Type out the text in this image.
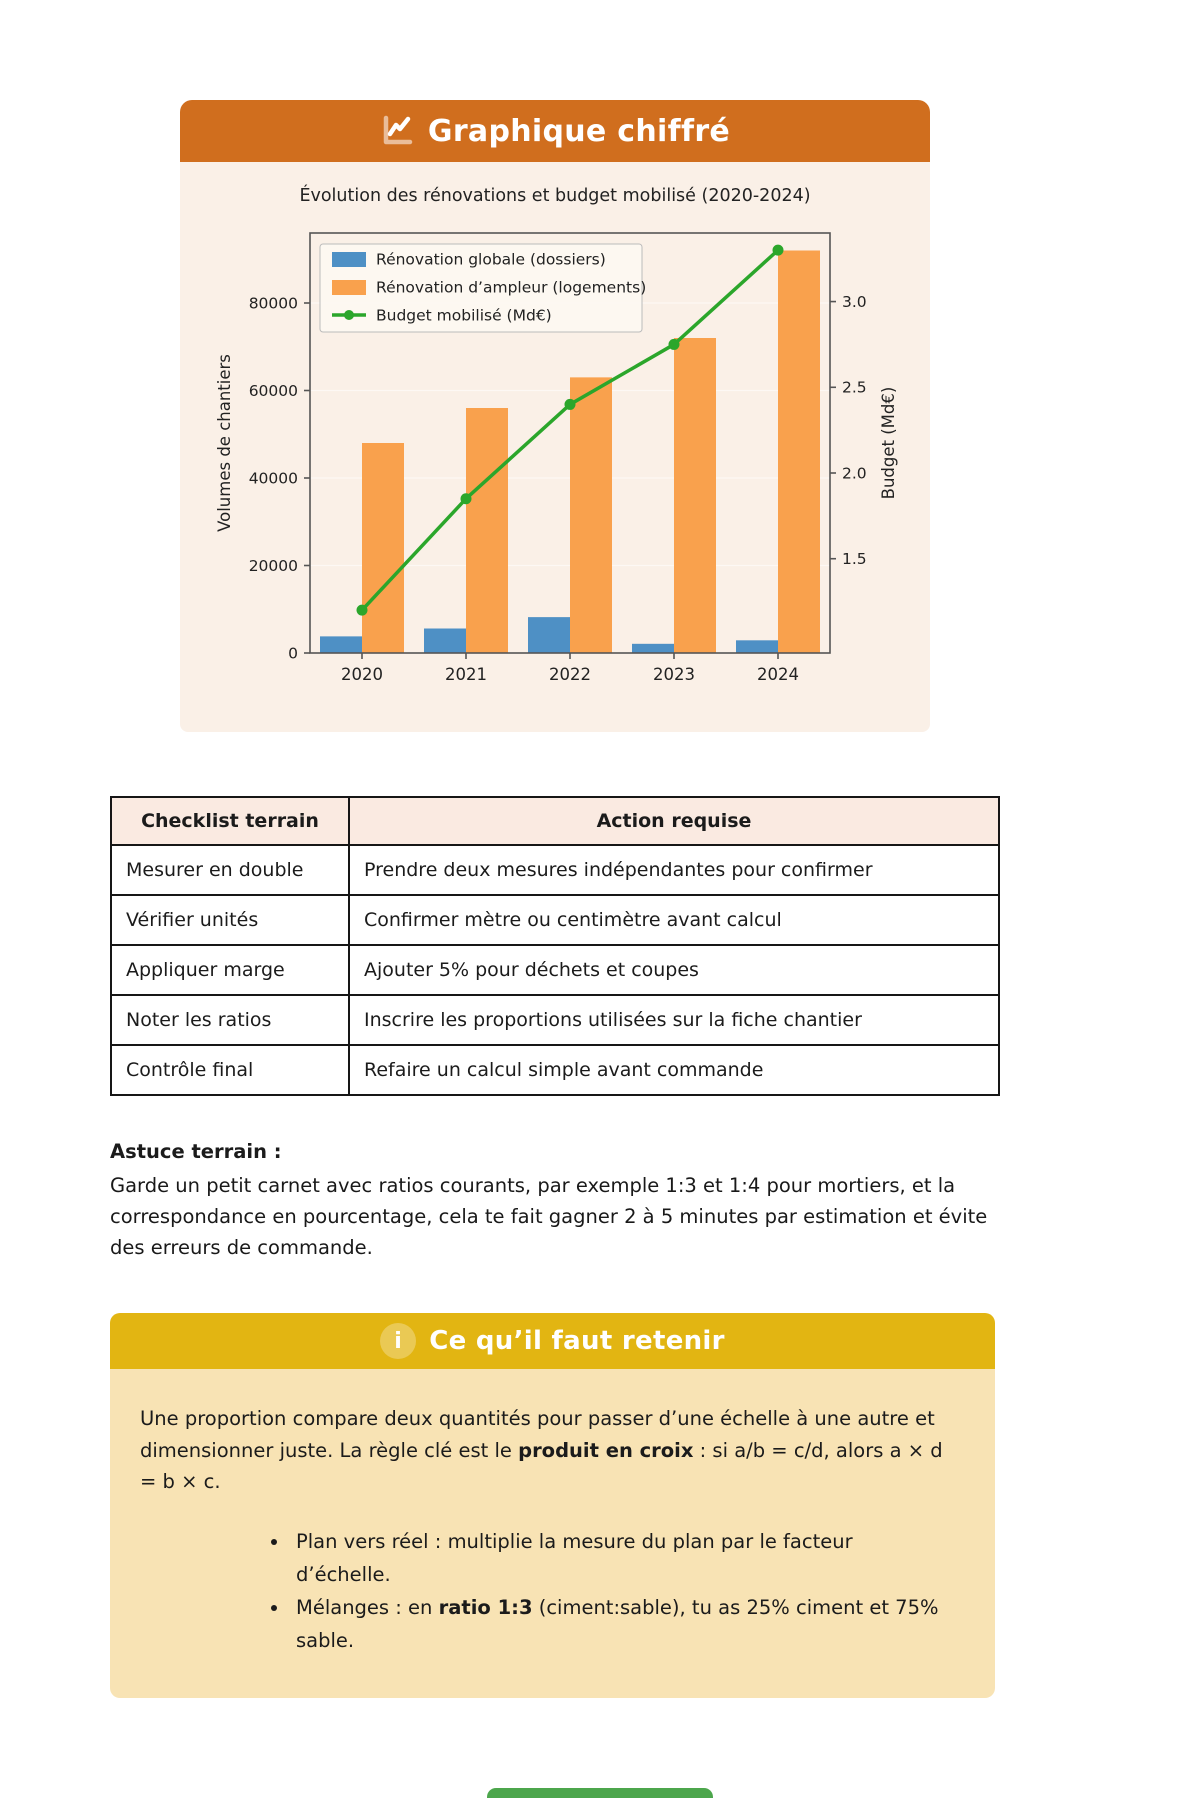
Graphique chiffré
Évolution des rénovations et budget mobilisé (2020-2024)
0
20000
40000
60000
80000
1.5
2.0
2.5
3.0
2020	2021	2022	2023	2024
Volumes de chantiers	Budget (Md€)
Rénovation globale (dossiers)
Rénovation d’ampleur (logements)
Budget mobilisé (Md€)
Checklist terrain	Action requise
Mesurer en double	Prendre deux mesures indépendantes pour confirmer
Vérifier unités	Confirmer mètre ou centimètre avant calcul
Appliquer marge	Ajouter 5% pour déchets et coupes
Noter les ratios	Inscrire les proportions utilisées sur la fiche chantier
Contrôle final	Refaire un calcul simple avant commande
Astuce terrain :
Garde un petit carnet avec ratios courants, par exemple 1:3 et 1:4 pour mortiers, et la correspondance en pourcentage, cela te fait gagner 2 à 5 minutes par estimation et évite des erreurs de commande.
i	Ce qu’il faut retenir
Une proportion compare deux quantités pour passer d’une échelle à une autre et dimensionner juste. La règle clé est le produit en croix : si a/b = c/d, alors a × d = b × c.
• Plan vers réel : multiplie la mesure du plan par le facteur d’échelle.
• Mélanges : en ratio 1:3 (ciment:sable), tu as 25% ciment et 75% sable.
